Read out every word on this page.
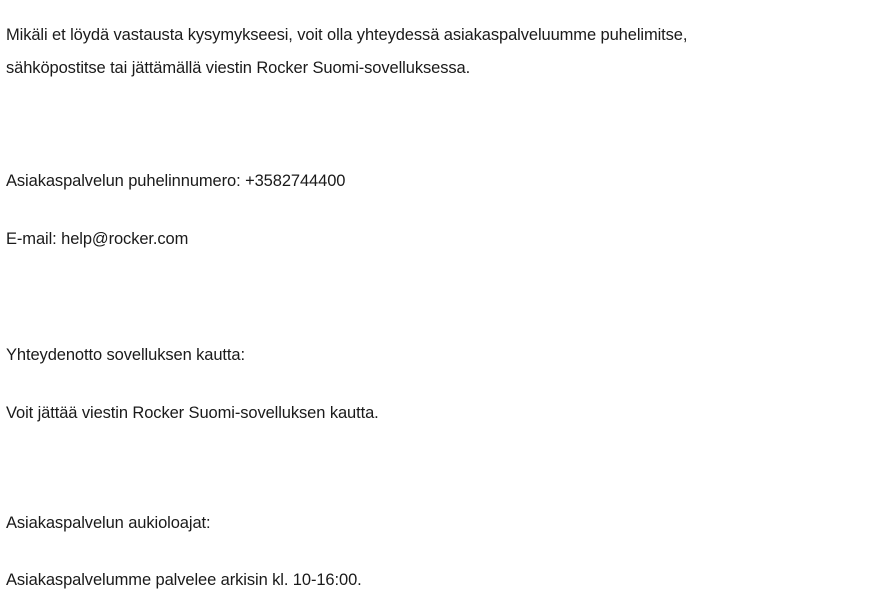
Mikäli et löydä vastausta kysymykseesi, voit olla yhteydessä asiakaspalveluumme puhelimitse,
sähköpostitse tai jättämällä viestin Rocker Suomi-sovelluksessa.
Asiakaspalvelun puhelinnumero: +3582744400
E-mail: help@rocker.com
Yhteydenotto sovelluksen kautta:
Voit jättää viestin Rocker Suomi-sovelluksen kautta.
Asiakaspalvelun aukioloajat:
Asiakaspalvelumme palvelee arkisin kl. 10-16:00.
